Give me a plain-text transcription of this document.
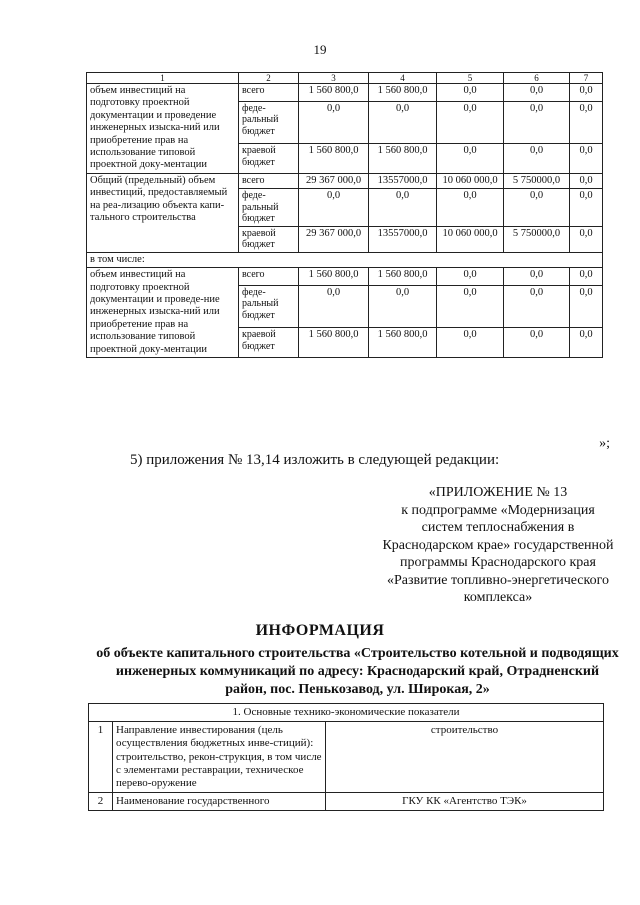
19
1	2	3	4	5	6	7
объем инвестиций на подготовку проектной документации и проведение инженерных изыска-ний или приобретение прав на использование типовой проектной доку-ментации	всего	1 560 800,0	1 560 800,0	0,0	0,0	0,0
	феде-ральный бюджет	0,0	0,0	0,0	0,0	0,0
	краевой бюджет	1 560 800,0	1 560 800,0	0,0	0,0	0,0
Общий (предельный) объем инвестиций, предоставляемый на реа-лизацию объекта капи-тального строительства	всего	29 367 000,0	13557000,0	10 060 000,0	5 750000,0	0,0
	феде-ральный бюджет	0,0	0,0	0,0	0,0	0,0
	краевой бюджет	29 367 000,0	13557000,0	10 060 000,0	5 750000,0	0,0
в том числе:						
объем инвестиций на подготовку проектной документации и проведе-ние инженерных изыска-ний или приобретение прав на использование типовой проектной доку-ментации	всего	1 560 800,0	1 560 800,0	0,0	0,0	0,0
	феде-ральный бюджет	0,0	0,0	0,0	0,0	0,0
	краевой бюджет	1 560 800,0	1 560 800,0	0,0	0,0	0,0
»;
5) приложения № 13,14 изложить в следующей редакции:
«ПРИЛОЖЕНИЕ № 13
к подпрограмме «Модернизация систем теплоснабжения в Краснодарском крае» государственной программы Краснодарского края «Развитие топливно-энергетического комплекса»
ИНФОРМАЦИЯ
об объекте капитального строительства «Строительство котельной и подводящих инженерных коммуникаций по адресу: Краснодарский край, Отрадненский район, пос. Пенькозавод, ул. Широкая, 2»
1. Основные технико-экономические показатели		
1	Направление инвестирования (цель осуществления бюджетных инве-стиций): строительство, рекон-струкция, в том числе с элементами реставрации, техническое перево-оружение	строительство
2	Наименование государственного	ГКУ КК «Агентство ТЭК»
